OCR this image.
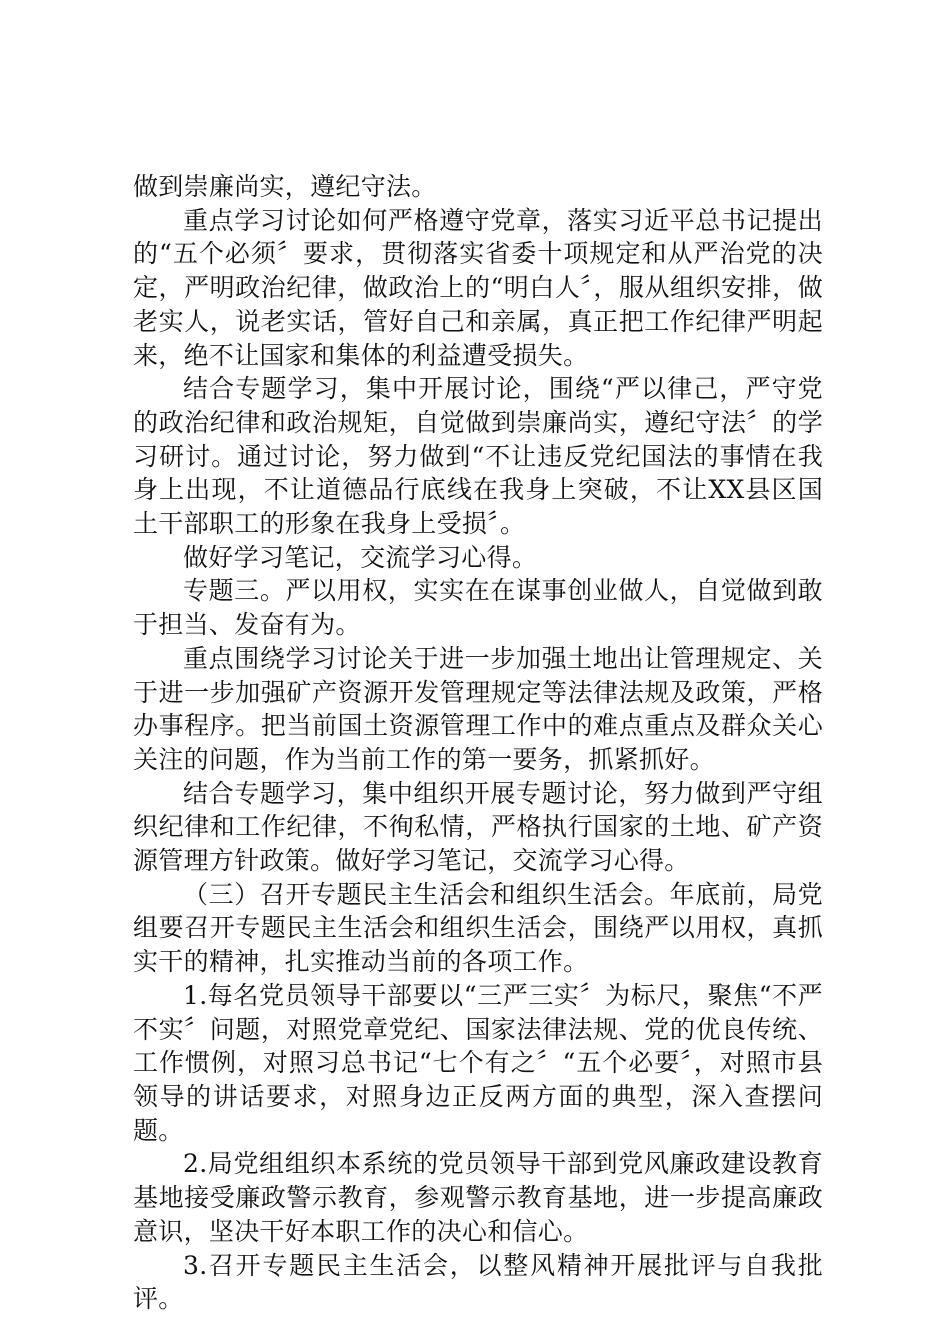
做到崇廉尚实，遵纪守法。

重点学习讨论如何严格遵守党章，落实习近平总书记提出的“五个必须〞要求，贯彻落实省委十项规定和从严治党的决定，严明政治纪律，做政治上的“明白人〞，服从组织安排，做老实人，说老实话，管好自己和亲属，真正把工作纪律严明起来，绝不让国家和集体的利益遭受损失。

结合专题学习，集中开展讨论，围绕“严以律己，严守党的政治纪律和政治规矩，自觉做到崇廉尚实，遵纪守法〞的学习研讨。通过讨论，努力做到“不让违反党纪国法的事情在我身上出现，不让道德品行底线在我身上突破，不让XX县区国土干部职工的形象在我身上受损〞。

做好学习笔记，交流学习心得。

专题三。严以用权，实实在在谋事创业做人，自觉做到敢于担当、发奋有为。

重点围绕学习讨论关于进一步加强土地出让管理规定、关于进一步加强矿产资源开发管理规定等法律法规及政策，严格办事程序。把当前国土资源管理工作中的难点重点及群众关心关注的问题，作为当前工作的第一要务，抓紧抓好。

结合专题学习，集中组织开展专题讨论，努力做到严守组织纪律和工作纪律，不徇私情，严格执行国家的土地、矿产资源管理方针政策。做好学习笔记，交流学习心得。

（三）召开专题民主生活会和组织生活会。年底前，局党组要召开专题民主生活会和组织生活会，围绕严以用权，真抓实干的精神，扎实推动当前的各项工作。

1.每名党员领导干部要以“三严三实〞为标尺，聚焦“不严不实〞问题，对照党章党纪、国家法律法规、党的优良传统、工作惯例，对照习总书记“七个有之〞“五个必要〞，对照市县领导的讲话要求，对照身边正反两方面的典型，深入查摆问题。

2.局党组组织本系统的党员领导干部到党风廉政建设教育基地接受廉政警示教育，参观警示教育基地，进一步提高廉政意识，坚决干好本职工作的决心和信心。

3.召开专题民主生活会，以整风精神开展批评与自我批评。
